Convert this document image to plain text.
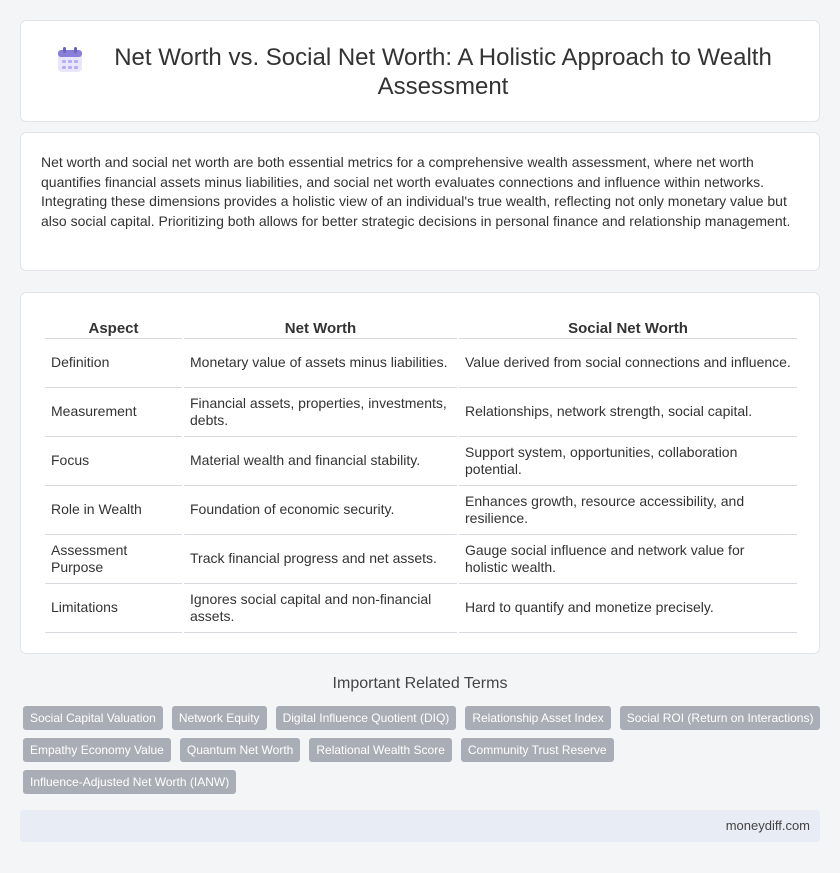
Net Worth vs. Social Net Worth: A Holistic Approach to Wealth Assessment

Net worth and social net worth are both essential metrics for a comprehensive wealth assessment, where net worth quantifies financial assets minus liabilities, and social net worth evaluates connections and influence within networks. Integrating these dimensions provides a holistic view of an individual's true wealth, reflecting not only monetary value but also social capital. Prioritizing both allows for better strategic decisions in personal finance and relationship management.

Aspect	Net Worth	Social Net Worth
Definition	Monetary value of assets minus liabilities.	Value derived from social connections and influence.
Measurement	Financial assets, properties, investments, debts.	Relationships, network strength, social capital.
Focus	Material wealth and financial stability.	Support system, opportunities, collaboration potential.
Role in Wealth	Foundation of economic security.	Enhances growth, resource accessibility, and resilience.
Assessment Purpose	Track financial progress and net assets.	Gauge social influence and network value for holistic wealth.
Limitations	Ignores social capital and non-financial assets.	Hard to quantify and monetize precisely.
Important Related Terms
Social Capital Valuation	Network Equity	Digital Influence Quotient (DIQ)	Relationship Asset Index	Social ROI (Return on Interactions)
Empathy Economy Value	Quantum Net Worth	Relational Wealth Score	Community Trust Reserve
Influence-Adjusted Net Worth (IANW)
moneydiff.com
